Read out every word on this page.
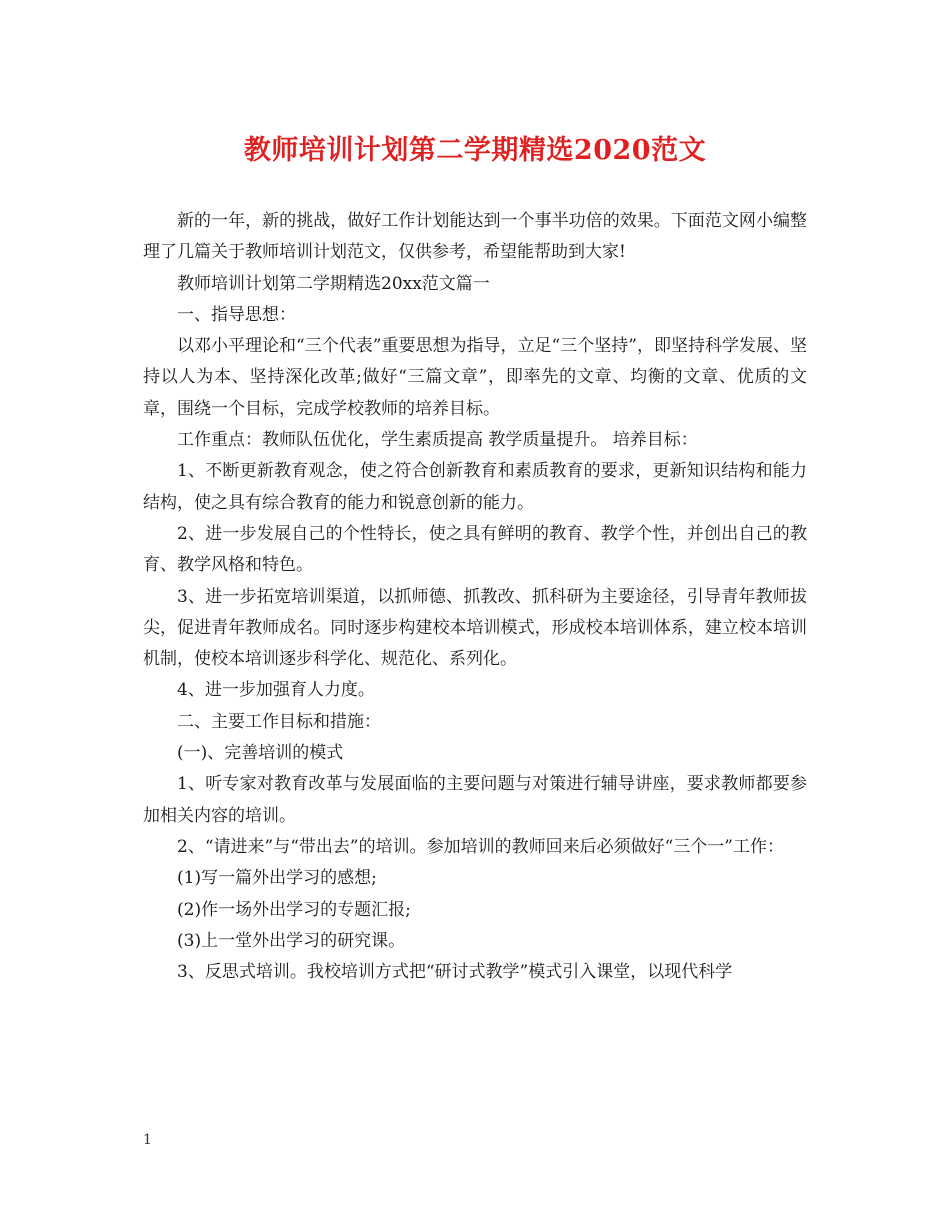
教师培训计划第二学期精选2020范文

新的一年，新的挑战，做好工作计划能达到一个事半功倍的效果。下面范文网小编整理了几篇关于教师培训计划范文，仅供参考，希望能帮助到大家!

教师培训计划第二学期精选20xx范文篇一

一、指导思想：

以邓小平理论和“三个代表”重要思想为指导，立足“三个坚持”，即坚持科学发展、坚持以人为本、坚持深化改革;做好“三篇文章”，即率先的文章、均衡的文章、优质的文章，围绕一个目标，完成学校教师的培养目标。

工作重点：教师队伍优化，学生素质提高 教学质量提升。 培养目标：

1、不断更新教育观念，使之符合创新教育和素质教育的要求，更新知识结构和能力结构，使之具有综合教育的能力和锐意创新的能力。

2、进一步发展自己的个性特长，使之具有鲜明的教育、教学个性，并创出自己的教育、教学风格和特色。

3、进一步拓宽培训渠道，以抓师德、抓教改、抓科研为主要途径，引导青年教师拔尖，促进青年教师成名。同时逐步构建校本培训模式，形成校本培训体系，建立校本培训机制，使校本培训逐步科学化、规范化、系列化。

4、进一步加强育人力度。

二、主要工作目标和措施：

(一)、完善培训的模式

1、听专家对教育改革与发展面临的主要问题与对策进行辅导讲座，要求教师都要参加相关内容的培训。

2、“请进来”与“带出去”的培训。参加培训的教师回来后必须做好“三个一”工作：

(1)写一篇外出学习的感想;

(2)作一场外出学习的专题汇报;

(3)上一堂外出学习的研究课。

3、反思式培训。我校培训方式把“研讨式教学”模式引入课堂，以现代科学

1
